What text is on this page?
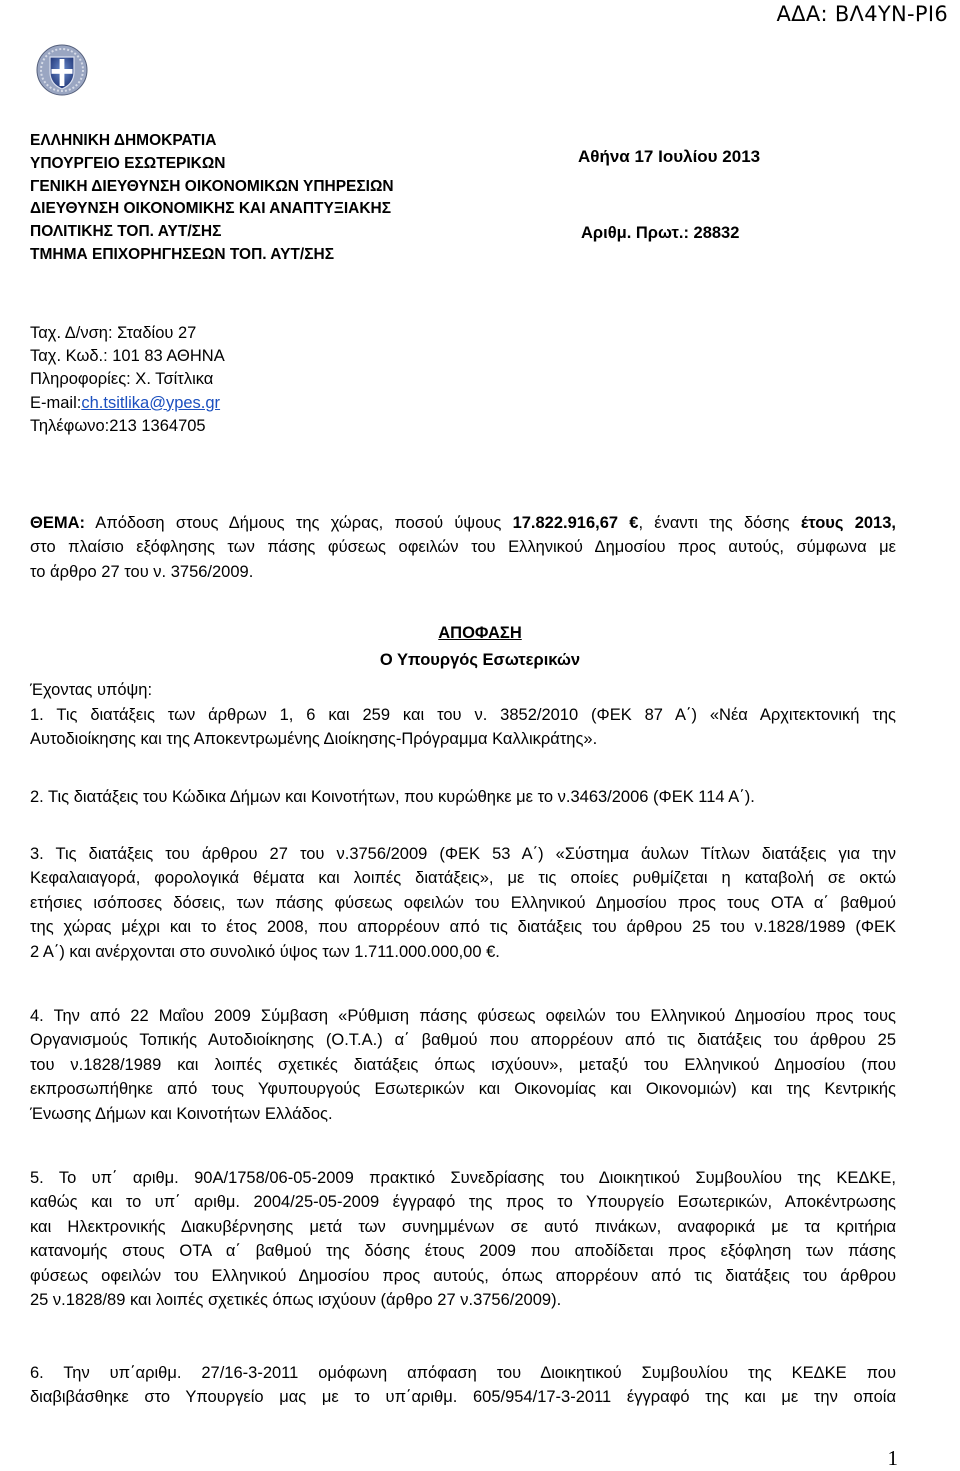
ΑΔΑ: ΒΛ4ΥΝ-ΡΙ6
ΕΛΛΗΝΙΚΗ ΔΗΜΟΚΡΑΤΙΑ
ΥΠΟΥΡΓΕΙΟ ΕΣΩΤΕΡΙΚΩΝ
ΓΕΝΙΚΗ ΔΙΕΥΘΥΝΣΗ ΟΙΚΟΝΟΜΙΚΩΝ ΥΠΗΡΕΣΙΩΝ
ΔΙΕΥΘΥΝΣΗ ΟΙΚΟΝΟΜΙΚΗΣ ΚΑΙ ΑΝΑΠΤΥΞΙΑΚΗΣ
ΠΟΛΙΤΙΚΗΣ ΤΟΠ. ΑΥΤ/ΣΗΣ
ΤΜΗΜΑ ΕΠΙΧΟΡΗΓΗΣΕΩΝ ΤΟΠ. ΑΥΤ/ΣΗΣ
Αθήνα 17 Ιουλίου 2013
Αριθμ. Πρωτ.: 28832
Ταχ. Δ/νση: Σταδίου 27
Ταχ. Κωδ.: 101 83 ΑΘΗΝΑ
Πληροφορίες: Χ. Τσίτλικα
E-mail:ch.tsitlika@ypes.gr
Τηλέφωνο:213 1364705
ΘΕΜΑ: Απόδοση στους Δήμους της χώρας, ποσού ύψους 17.822.916,67 €, έναντι της δόσης έτους 2013,
στο πλαίσιο εξόφλησης των πάσης φύσεως οφειλών του Ελληνικού Δημοσίου προς αυτούς, σύμφωνα με
το άρθρο 27 του ν. 3756/2009.
ΑΠΟΦΑΣΗ
Ο Υπουργός Εσωτερικών
Έχοντας υπόψη:
1. Τις διατάξεις των άρθρων 1, 6 και 259 και του ν. 3852/2010 (ΦΕΚ 87 Α΄) «Νέα Αρχιτεκτονική της
Αυτοδιοίκησης και της Αποκεντρωμένης Διοίκησης-Πρόγραμμα Καλλικράτης».
2. Τις διατάξεις του Κώδικα Δήμων και Κοινοτήτων, που κυρώθηκε με το ν.3463/2006 (ΦΕΚ 114 Α΄).
3. Τις διατάξεις του άρθρου 27 του ν.3756/2009 (ΦΕΚ 53 Α΄) «Σύστημα άυλων Τίτλων διατάξεις για την
Κεφαλαιαγορά, φορολογικά θέματα και λοιπές διατάξεις», με τις οποίες ρυθμίζεται η καταβολή σε οκτώ
ετήσιες ισόποσες δόσεις, των πάσης φύσεως οφειλών του Ελληνικού Δημοσίου προς τους ΟΤΑ α΄ βαθμού
της χώρας μέχρι και το έτος 2008, που απορρέουν από τις διατάξεις του άρθρου 25 του ν.1828/1989 (ΦΕΚ
2 Α΄) και ανέρχονται στο συνολικό ύψος των 1.711.000.000,00 €.
4. Την από 22 Μαΐου 2009 Σύμβαση «Ρύθμιση πάσης φύσεως οφειλών του Ελληνικού Δημοσίου προς τους
Οργανισμούς Τοπικής Αυτοδιοίκησης (Ο.Τ.Α.) α΄ βαθμού που απορρέουν από τις διατάξεις του άρθρου 25
του ν.1828/1989 και λοιπές σχετικές διατάξεις όπως ισχύουν», μεταξύ του Ελληνικού Δημοσίου (που
εκπροσωπήθηκε από τους Υφυπουργούς Εσωτερικών και Οικονομίας και Οικονομιών) και της Κεντρικής
Ένωσης Δήμων και Κοινοτήτων Ελλάδος.
5. Το υπ΄ αριθμ. 90Α/1758/06-05-2009 πρακτικό Συνεδρίασης του Διοικητικού Συμβουλίου της ΚΕΔΚΕ,
καθώς και το υπ΄ αριθμ. 2004/25-05-2009 έγγραφό της προς το Υπουργείο Εσωτερικών, Αποκέντρωσης
και Ηλεκτρονικής Διακυβέρνησης μετά των συνημμένων σε αυτό πινάκων, αναφορικά με τα κριτήρια
κατανομής στους ΟΤΑ α΄ βαθμού της δόσης έτους 2009 που αποδίδεται προς εξόφληση των πάσης
φύσεως οφειλών του Ελληνικού Δημοσίου προς αυτούς, όπως απορρέουν από τις διατάξεις του άρθρου
25 ν.1828/89 και λοιπές σχετικές όπως ισχύουν (άρθρο 27 ν.3756/2009).
6. Την υπ΄αριθμ. 27/16-3-2011 ομόφωνη απόφαση του Διοικητικού Συμβουλίου της ΚΕΔΚΕ που
διαβιβάσθηκε στο Υπουργείο μας με το υπ΄αριθμ. 605/954/17-3-2011 έγγραφό της και με την οποία
1
